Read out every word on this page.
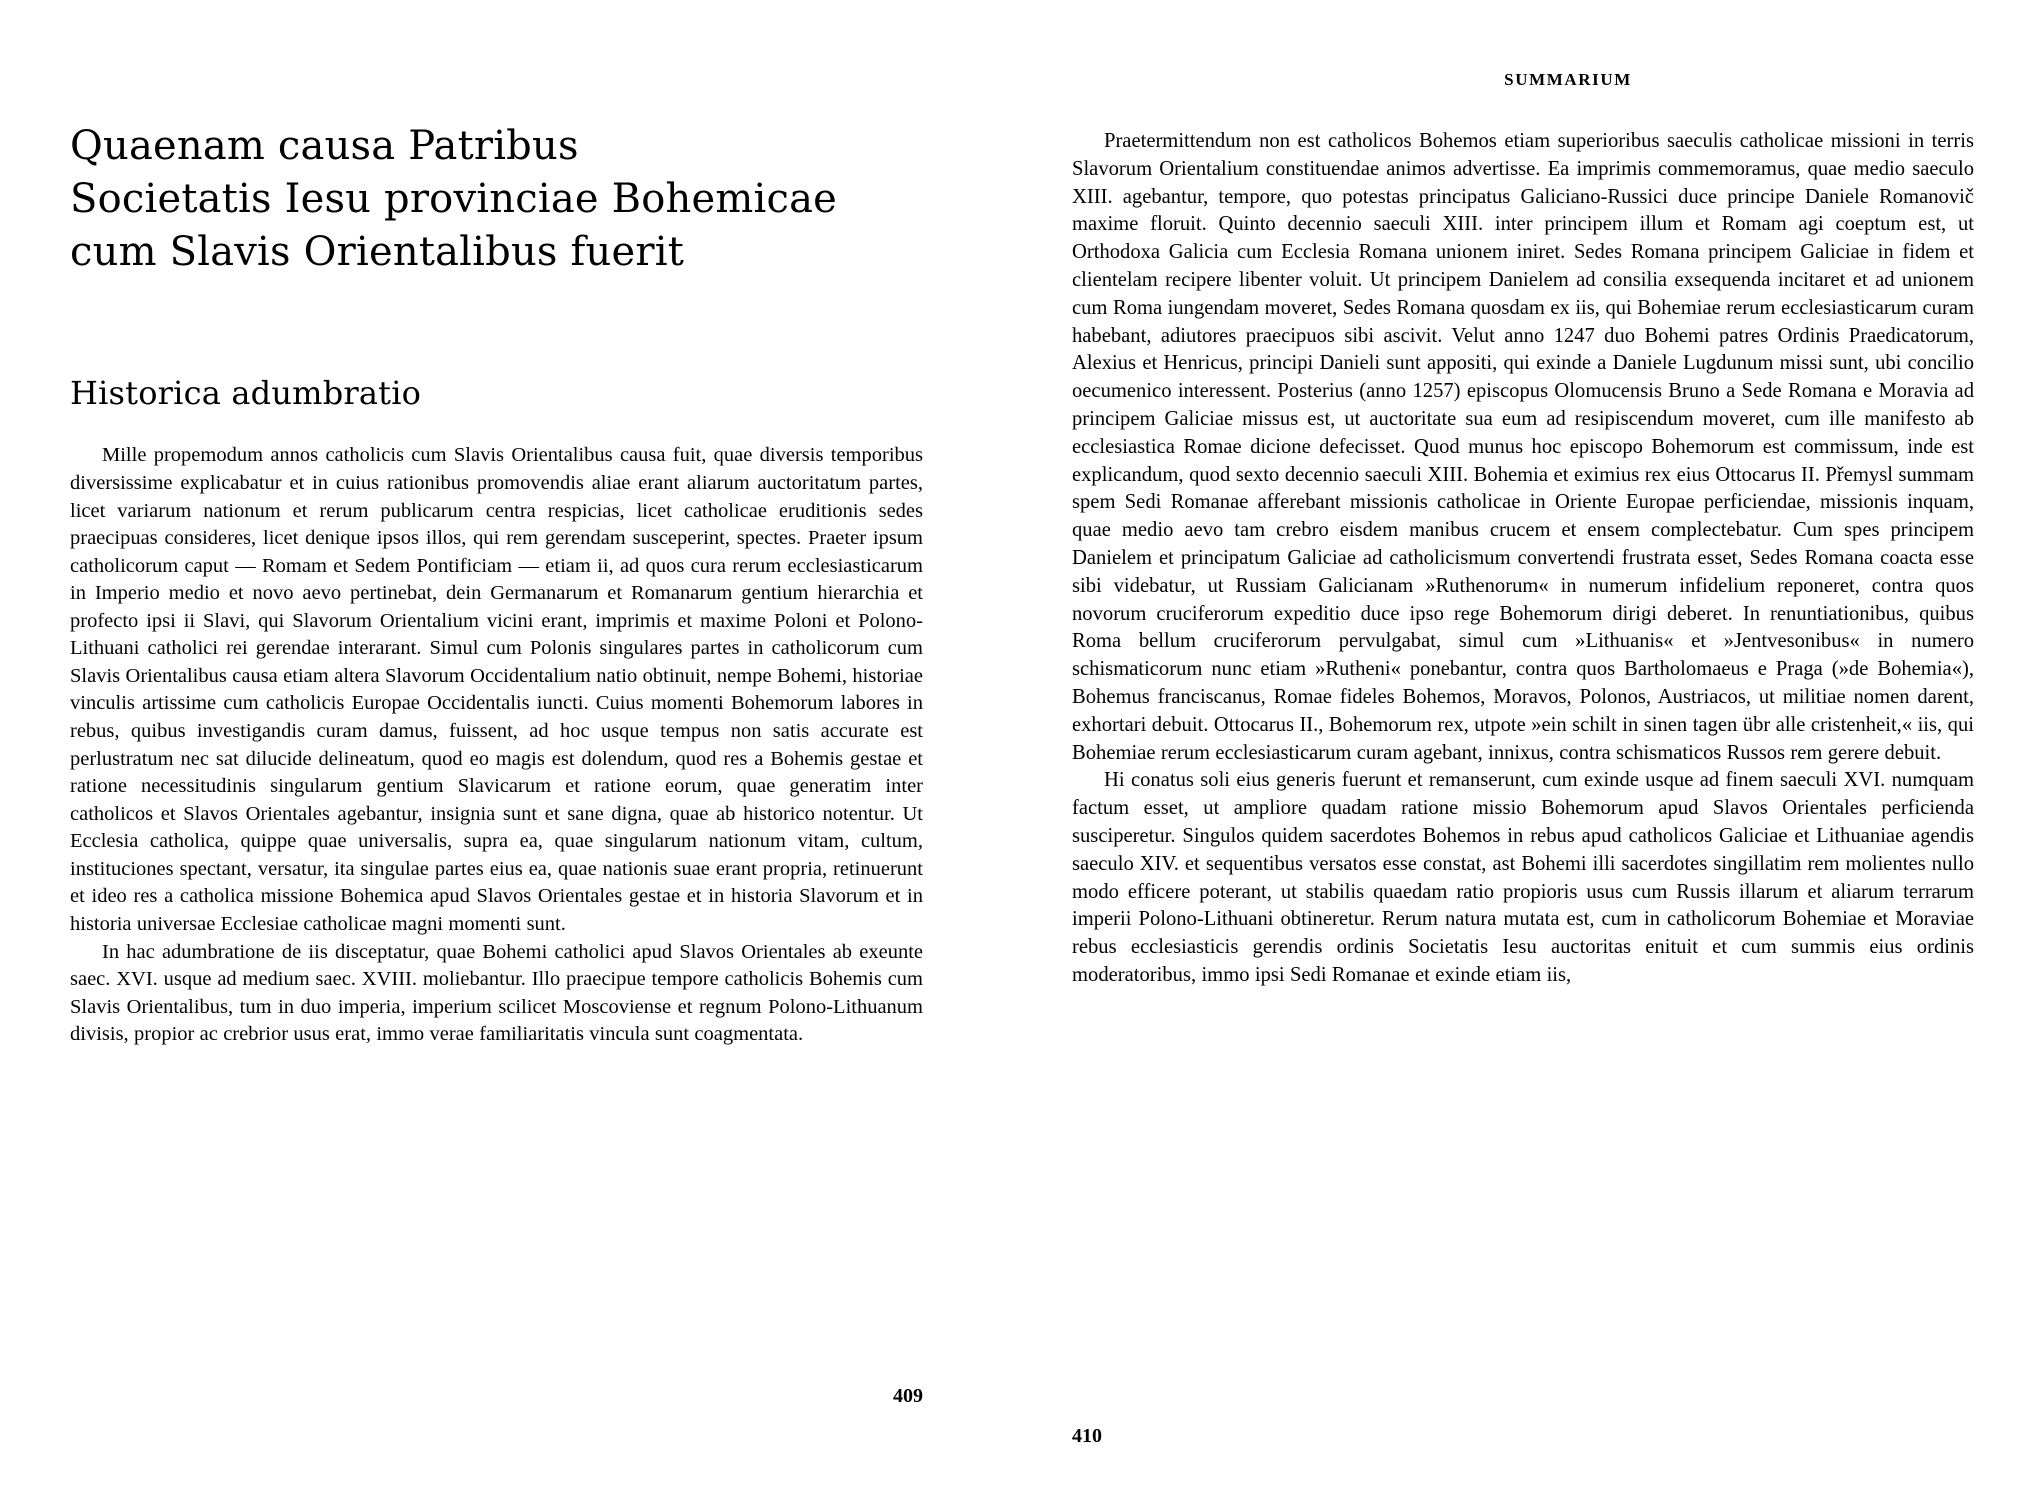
Quaenam causa Patribus
Societatis Iesu provinciae Bohemicae
cum Slavis Orientalibus fuerit
Historica adumbratio

Mille propemodum annos catholicis cum Slavis Orientalibus causa fuit, quae diversis temporibus diversissime explicabatur et in cuius rationibus promovendis aliae erant aliarum auctoritatum partes, licet variarum nationum et rerum publicarum centra respicias, licet catholicae eruditionis sedes praecipuas consideres, licet denique ipsos illos, qui rem gerendam susceperint, spectes. Praeter ipsum catholicorum caput — Romam et Sedem Pontificiam — etiam ii, ad quos cura rerum ecclesiasticarum in Imperio medio et novo aevo pertinebat, dein Germanarum et Romanarum gentium hierarchia et profecto ipsi ii Slavi, qui Slavorum Orientalium vicini erant, imprimis et maxime Poloni et Polono-Lithuani catholici rei gerendae interarant. Simul cum Polonis singulares partes in catholicorum cum Slavis Orientalibus causa etiam altera Slavorum Occidentalium natio obtinuit, nempe Bohemi, historiae vinculis artissime cum catholicis Europae Occidentalis iuncti. Cuius momenti Bohemorum labores in rebus, quibus investigandis curam damus, fuissent, ad hoc usque tempus non satis accurate est perlustratum nec sat dilucide delineatum, quod eo magis est dolendum, quod res a Bohemis gestae et ratione necessitudinis singularum gentium Slavicarum et ratione eorum, quae generatim inter catholicos et Slavos Orientales agebantur, insignia sunt et sane digna, quae ab historico notentur. Ut Ecclesia catholica, quippe quae universalis, supra ea, quae singularum nationum vitam, cultum, instituciones spectant, versatur, ita singulae partes eius ea, quae nationis suae erant propria, retinuerunt et ideo res a catholica missione Bohemica apud Slavos Orientales gestae et in historia Slavorum et in historia universae Ecclesiae catholicae magni momenti sunt.

In hac adumbratione de iis disceptatur, quae Bohemi catholici apud Slavos Orientales ab exeunte saec. XVI. usque ad medium saec. XVIII. moliebantur. Illo praecipue tempore catholicis Bohemis cum Slavis Orientalibus, tum in duo imperia, imperium scilicet Moscoviense et regnum Polono-Lithuanum divisis, propior ac crebrior usus erat, immo verae familiaritatis vincula sunt coagmentata.

409
SUMMARIUM

Praetermittendum non est catholicos Bohemos etiam superioribus saeculis catholicae missioni in terris Slavorum Orientalium constituendae animos advertisse. Ea imprimis commemoramus, quae medio saeculo XIII. agebantur, tempore, quo potestas principatus Galiciano-Russici duce principe Daniele Romanovič maxime floruit. Quinto decennio saeculi XIII. inter principem illum et Romam agi coeptum est, ut Orthodoxa Galicia cum Ecclesia Romana unionem iniret. Sedes Romana principem Galiciae in fidem et clientelam recipere libenter voluit. Ut principem Danielem ad consilia exsequenda incitaret et ad unionem cum Roma iungendam moveret, Sedes Romana quosdam ex iis, qui Bohemiae rerum ecclesiasticarum curam habebant, adiutores praecipuos sibi ascivit. Velut anno 1247 duo Bohemi patres Ordinis Praedicatorum, Alexius et Henricus, principi Danieli sunt appositi, qui exinde a Daniele Lugdunum missi sunt, ubi concilio oecumenico interessent. Posterius (anno 1257) episcopus Olomucensis Bruno a Sede Romana e Moravia ad principem Galiciae missus est, ut auctoritate sua eum ad resipiscendum moveret, cum ille manifesto ab ecclesiastica Romae dicione defecisset. Quod munus hoc episcopo Bohemorum est commissum, inde est explicandum, quod sexto decennio saeculi XIII. Bohemia et eximius rex eius Ottocarus II. Přemysl summam spem Sedi Romanae afferebant missionis catholicae in Oriente Europae perficiendae, missionis inquam, quae medio aevo tam crebro eisdem manibus crucem et ensem complectebatur. Cum spes principem Danielem et principatum Galiciae ad catholicismum convertendi frustrata esset, Sedes Romana coacta esse sibi videbatur, ut Russiam Galicianam »Ruthenorum« in numerum infidelium reponeret, contra quos novorum cruciferorum expeditio duce ipso rege Bohemorum dirigi deberet. In renuntiationibus, quibus Roma bellum cruciferorum pervulgabat, simul cum »Lithuanis« et »Jentvesonibus« in numero schismaticorum nunc etiam »Rutheni« ponebantur, contra quos Bartholomaeus e Praga (»de Bohemia«), Bohemus franciscanus, Romae fideles Bohemos, Moravos, Polonos, Austriacos, ut militiae nomen darent, exhortari debuit. Ottocarus II., Bohemorum rex, utpote »ein schilt in sinen tagen übr alle cristenheit,« iis, qui Bohemiae rerum ecclesiasticarum curam agebant, innixus, contra schismaticos Russos rem gerere debuit.

Hi conatus soli eius generis fuerunt et remanserunt, cum exinde usque ad finem saeculi XVI. numquam factum esset, ut ampliore quadam ratione missio Bohemorum apud Slavos Orientales perficienda susciperetur. Singulos quidem sacerdotes Bohemos in rebus apud catholicos Galiciae et Lithuaniae agendis saeculo XIV. et sequentibus versatos esse constat, ast Bohemi illi sacerdotes singillatim rem molientes nullo modo efficere poterant, ut stabilis quaedam ratio propioris usus cum Russis illarum et aliarum terrarum imperii Polono-Lithuani obtineretur. Rerum natura mutata est, cum in catholicorum Bohemiae et Moraviae rebus ecclesiasticis gerendis ordinis Societatis Iesu auctoritas enituit et cum summis eius ordinis moderatoribus, immo ipsi Sedi Romanae et exinde etiam iis,

410
